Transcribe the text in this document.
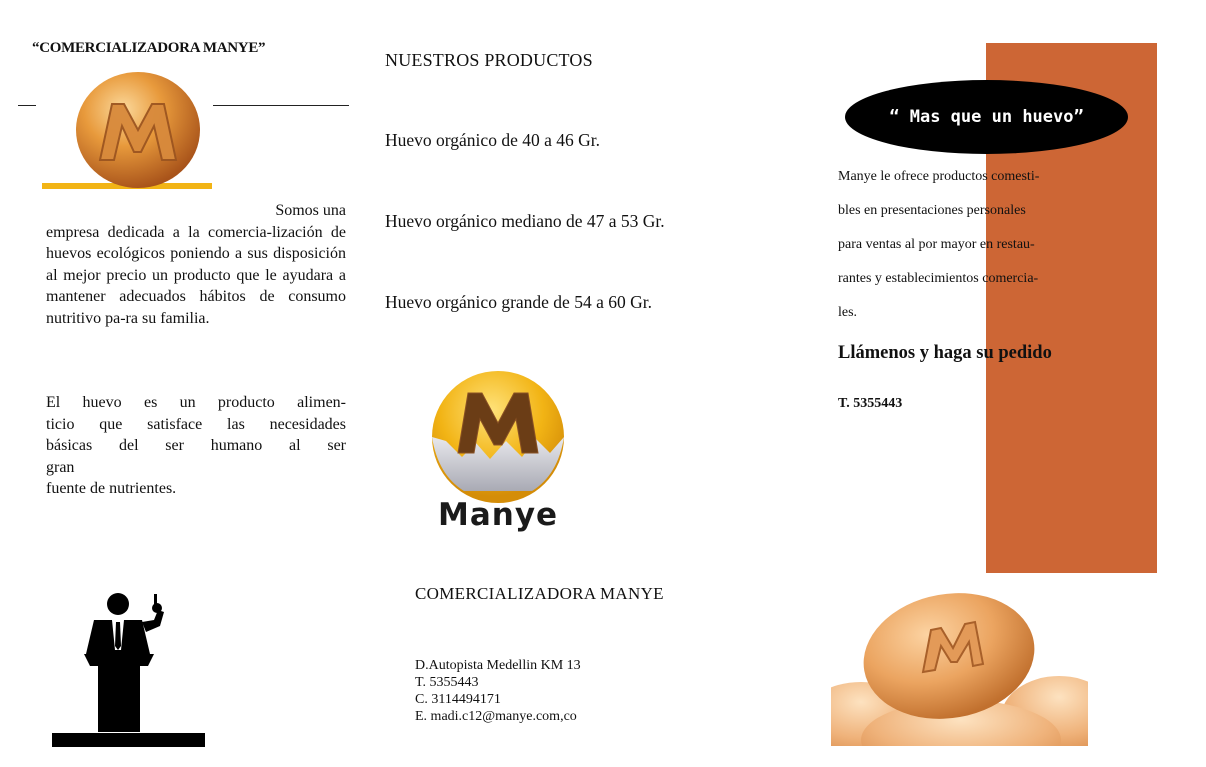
“COMERCIALIZADORA MANYE”
Somos una
empresa dedicada a la comercia-lización de huevos ecológicos poniendo a sus disposición al mejor precio un producto que le ayudara a mantener adecuados hábitos de consumo nutritivo pa-ra su familia.
El huevo es un producto alimen-
ticio que satisface las necesidades
básicas del ser humano al ser
gran
fuente de nutrientes.
NUESTROS PRODUCTOS
Huevo orgánico de 40 a 46 Gr.
Huevo orgánico mediano de 47 a 53 Gr.
Huevo orgánico grande de 54 a 60 Gr.
Manye
COMERCIALIZADORA MANYE
D.Autopista Medellin KM 13
T. 5355443
C. 3114494171
E. madi.c12@manye.com,co
“ Mas que un huevo”
Manye le ofrece productos comesti-
bles en presentaciones personales
para ventas al por mayor en restau-
rantes y establecimientos comercia-
les.
Llámenos y haga su pedido
T. 5355443
